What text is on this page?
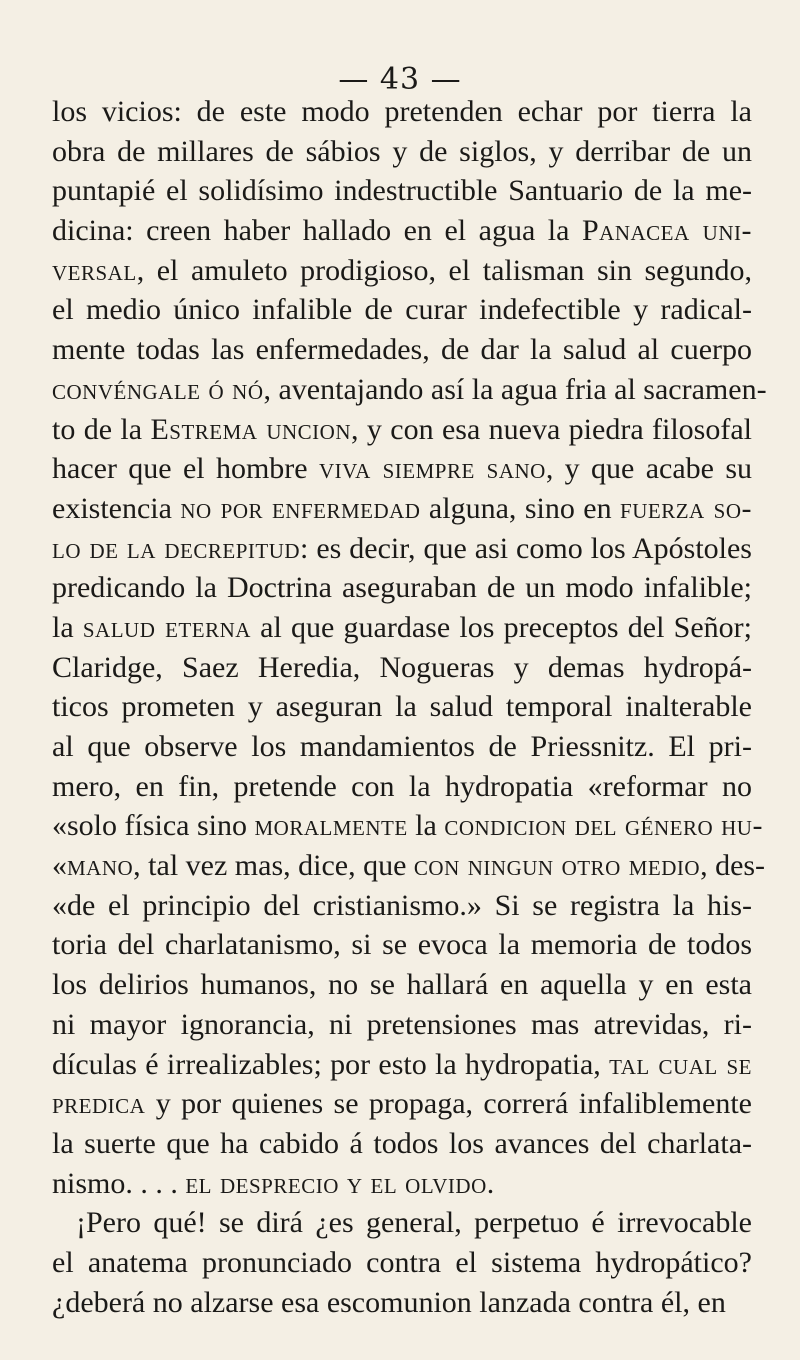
— 43 —
los vicios: de este modo pretenden echar por tierra la
obra de millares de sábios y de siglos, y derribar de un
puntapié el solidísimo indestructible Santuario de la me-
dicina: creen haber hallado en el agua la Panacea uni-
versal, el amuleto prodigioso, el talisman sin segundo,
el medio único infalible de curar indefectible y radical-
mente todas las enfermedades, de dar la salud al cuerpo
convéngale ó nó, aventajando así la agua fria al sacramen-
to de la Estrema uncion, y con esa nueva piedra filosofal
hacer que el hombre viva siempre sano, y que acabe su
existencia no por enfermedad alguna, sino en fuerza so-
lo de la decrepitud: es decir, que asi como los Apóstoles
predicando la Doctrina aseguraban de un modo infalible;
la salud eterna al que guardase los preceptos del Señor;
Claridge, Saez Heredia, Nogueras y demas hydropá-
ticos prometen y aseguran la salud temporal inalterable
al que observe los mandamientos de Priessnitz. El pri-
mero, en fin, pretende con la hydropatia «reformar no
«solo física sino moralmente la condicion del género hu-
«mano, tal vez mas, dice, que con ningun otro medio, des-
«de el principio del cristianismo.» Si se registra la his-
toria del charlatanismo, si se evoca la memoria de todos
los delirios humanos, no se hallará en aquella y en esta
ni mayor ignorancia, ni pretensiones mas atrevidas, ri-
dículas é irrealizables; por esto la hydropatia, tal cual se
predica y por quienes se propaga, correrá infaliblemente
la suerte que ha cabido á todos los avances del charlata-
nismo. . . . el desprecio y el olvido.
¡Pero qué! se dirá ¿es general, perpetuo é irrevocable
el anatema pronunciado contra el sistema hydropático?
¿deberá no alzarse esa escomunion lanzada contra él, en
